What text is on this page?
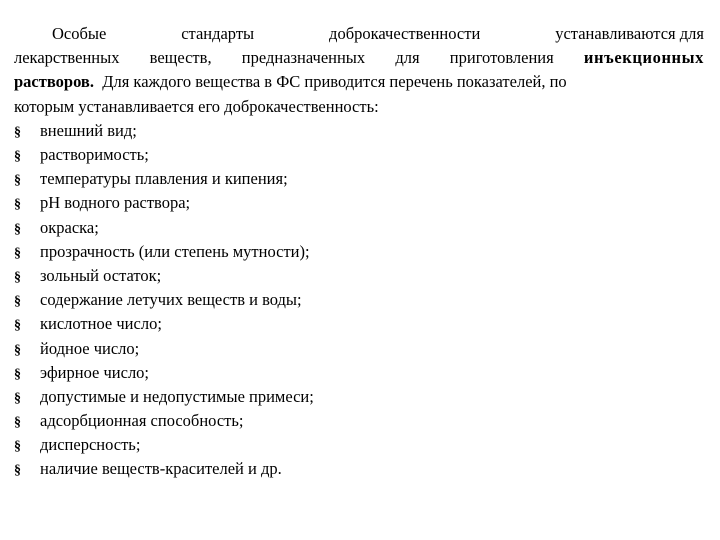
Особые	стандарты	доброкачественности	устанавливаются для
лекарственных веществ, предназначенных для приготовления инъекционных
растворов.  Для каждого вещества в ФС приводится перечень показателей, по
которым устанавливается его доброкачественность:
§	внешний вид;
§	растворимость;
§	температуры плавления и кипения;
§	pH водного раствора;
§	окраска;
§	прозрачность (или степень мутности);
§	зольный остаток;
§	содержание летучих веществ и воды;
§	кислотное число;
§	йодное число;
§	эфирное число;
§	допустимые и недопустимые примеси;
§	адсорбционная способность;
§	дисперсность;
§	наличие веществ-красителей и др.
